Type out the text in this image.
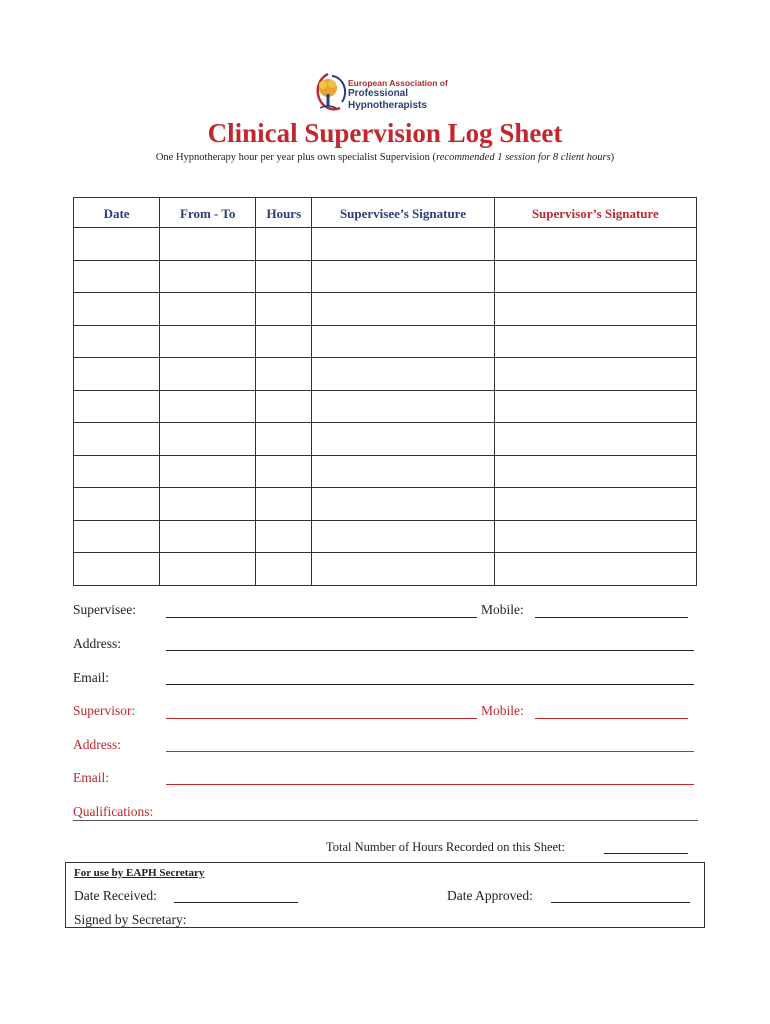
European Association of
Professional
Hypnotherapists
Clinical Supervision Log Sheet
One Hypnotherapy hour per year plus own specialist Supervision (recommended 1 session for 8 client hours)
Date	From - To	Hours	Supervisee’s Signature	Supervisor’s Signature

Supervisee:	Mobile:
Address:
Email:
Supervisor:	Mobile:
Address:
Email:
Qualifications:
Total Number of Hours Recorded on this Sheet:
For use by EAPH Secretary
Date Received:	Date Approved:
Signed by Secretary:
